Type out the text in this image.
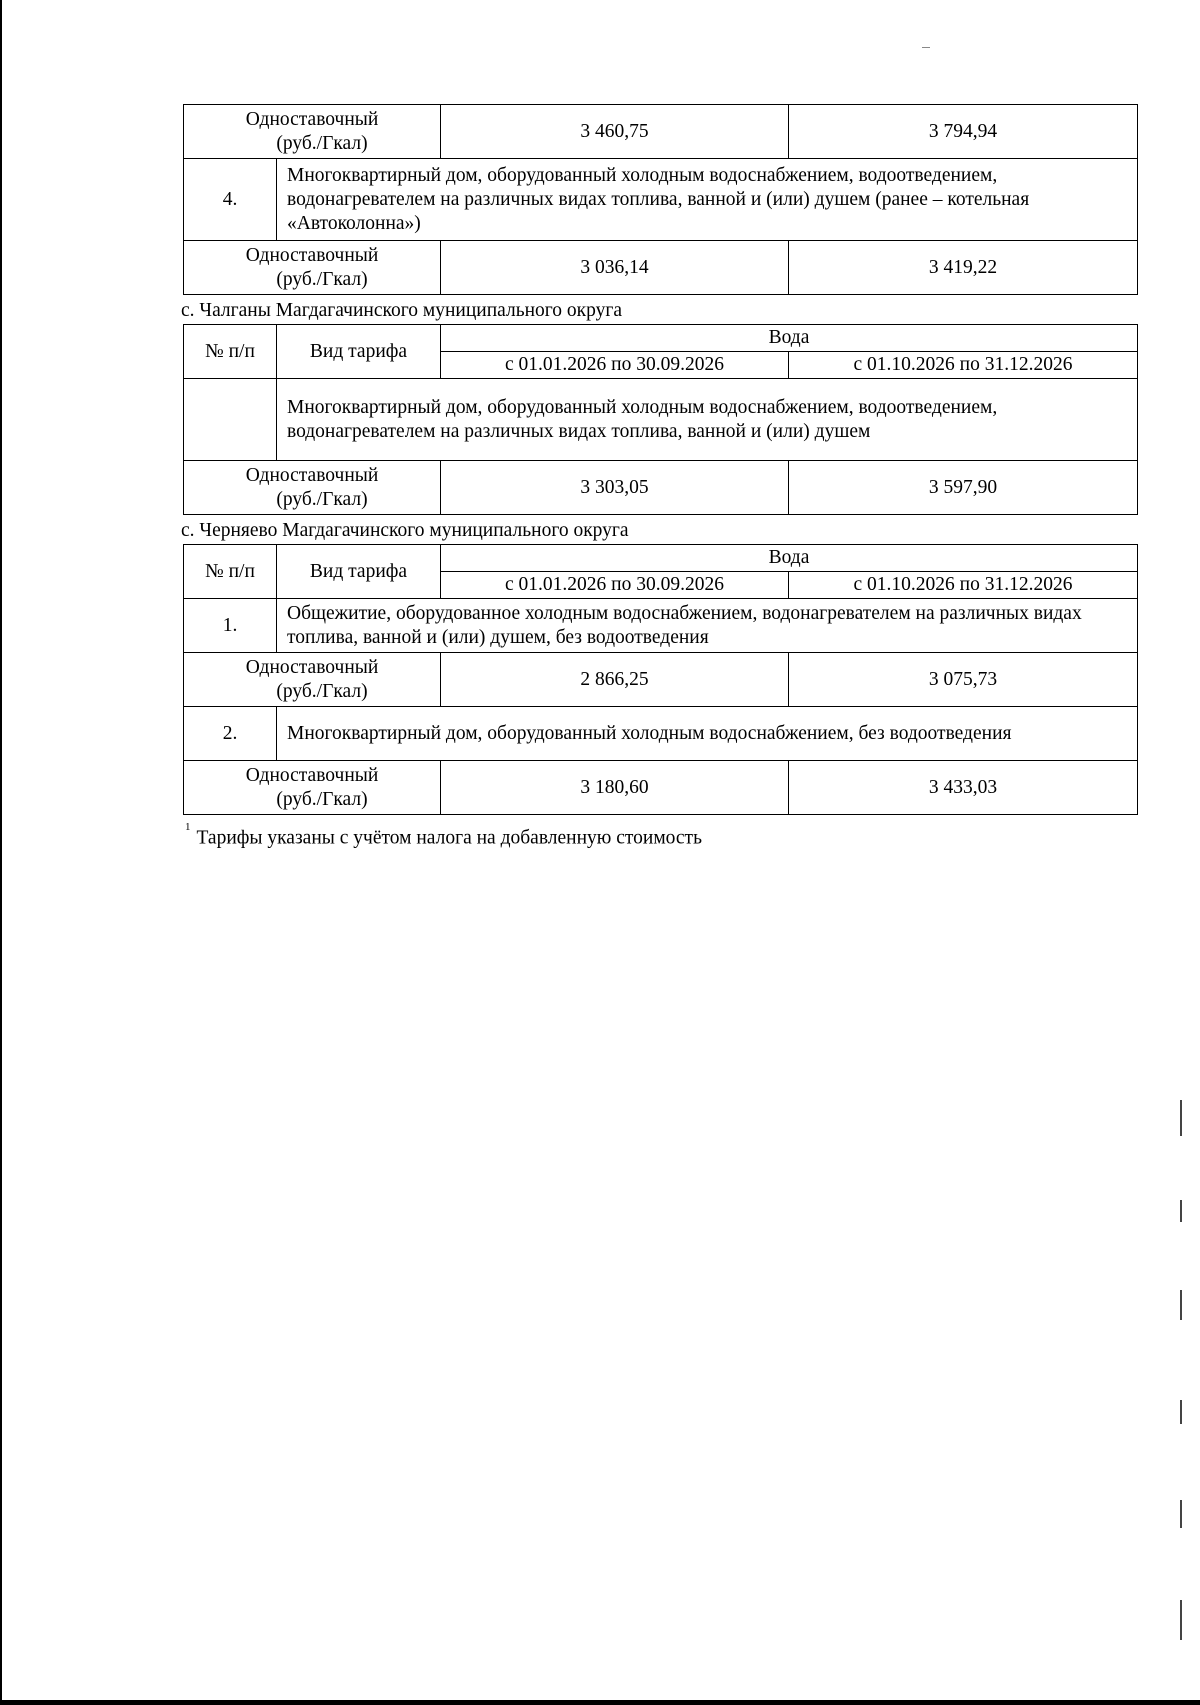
Одноставочный
(руб./Гкал)		3 460,75	3 794,94
4.	Многоквартирный дом, оборудованный холодным водоснабжением, водоотведением, водонагревателем на различных видах топлива, ванной и (или) душем (ранее – котельная «Автоколонна»)		

Одноставочный
(руб./Гкал)		3 036,14	3 419,22
с. Чалганы Магдагачинского муниципального округа
№ п/п	Вид тарифа	Вода	
		с 01.01.2026 по 30.09.2026	с 01.10.2026 по 31.12.2026
	Многоквартирный дом, оборудованный холодным водоснабжением, водоотведением, водонагревателем на различных видах топлива, ванной и (или) душем		

Одноставочный
(руб./Гкал)		3 303,05	3 597,90
с. Черняево Магдагачинского муниципального округа
№ п/п	Вид тарифа	Вода	
		с 01.01.2026 по 30.09.2026	с 01.10.2026 по 31.12.2026
1.	Общежитие, оборудованное холодным водоснабжением, водонагревателем на различных видах топлива, ванной и (или) душем, без водоотведения		

Одноставочный
(руб./Гкал)		2 866,25	3 075,73
2.	Многоквартирный дом, оборудованный холодным водоснабжением, без водоотведения		

Одноставочный
(руб./Гкал)		3 180,60	3 433,03
$^1$Тарифы указаны с учётом налога на добавленную стоимость
